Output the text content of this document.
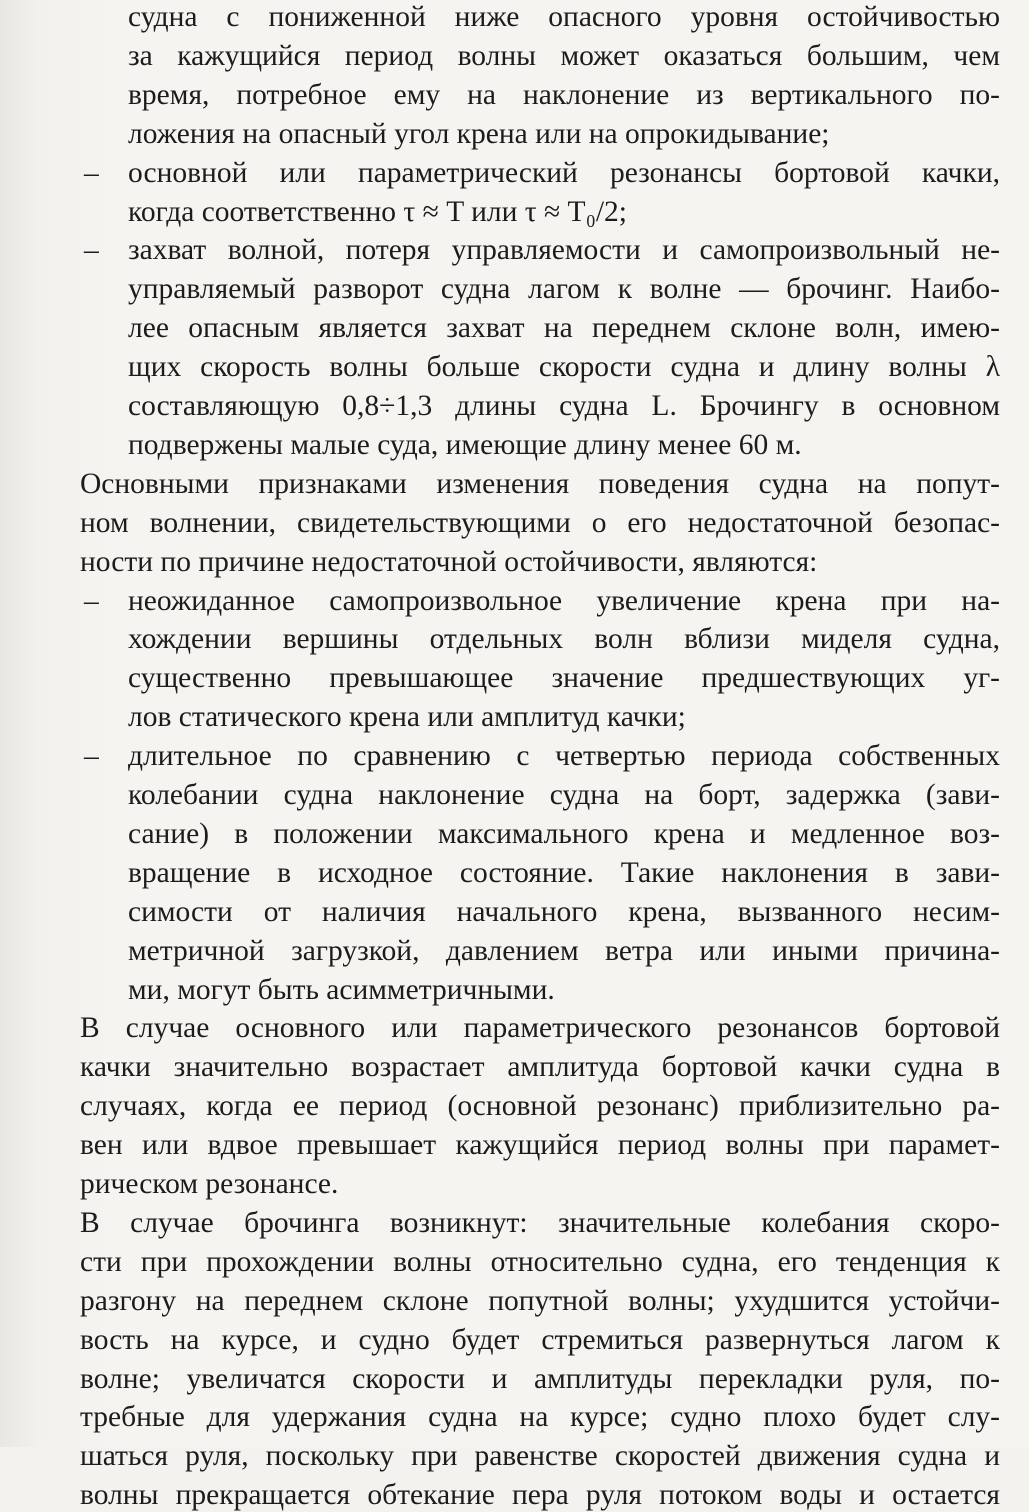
судна с пониженной ниже опасного уровня остойчивостью
за кажущийся период волны может оказаться большим, чем
время, потребное ему на наклонение из вертикального по-
ложения на опасный угол крена или на опрокидывание;
– основной или параметрический резонансы бортовой качки,
когда соответственно τ ≈ T или τ ≈ T₀/2;
– захват волной, потеря управляемости и самопроизвольный не-
управляемый разворот судна лагом к волне — брочинг. Наибо-
лее опасным является захват на переднем склоне волн, имею-
щих скорость волны больше скорости судна и длину волны λ
составляющую 0,8÷1,3 длины судна L. Брочингу в основном
подвержены малые суда, имеющие длину менее 60 м.
Основными признаками изменения поведения судна на попут-
ном волнении, свидетельствующими о его недостаточной безопас-
ности по причине недостаточной остойчивости, являются:
– неожиданное самопроизвольное увеличение крена при на-
хождении вершины отдельных волн вблизи миделя судна,
существенно превышающее значение предшествующих уг-
лов статического крена или амплитуд качки;
– длительное по сравнению с четвертью периода собственных
колебании судна наклонение судна на борт, задержка (зави-
сание) в положении максимального крена и медленное воз-
вращение в исходное состояние. Такие наклонения в зави-
симости от наличия начального крена, вызванного несим-
метричной загрузкой, давлением ветра или иными причина-
ми, могут быть асимметричными.
В случае основного или параметрического резонансов бортовой
качки значительно возрастает амплитуда бортовой качки судна в
случаях, когда ее период (основной резонанс) приблизительно ра-
вен или вдвое превышает кажущийся период волны при парамет-
рическом резонансе.
В случае брочинга возникнут: значительные колебания скоро-
сти при прохождении волны относительно судна, его тенденция к
разгону на переднем склоне попутной волны; ухудшится устойчи-
вость на курсе, и судно будет стремиться развернуться лагом к
волне; увеличатся скорости и амплитуды перекладки руля, по-
требные для удержания судна на курсе; судно плохо будет слу-
шаться руля, поскольку при равенстве скоростей движения судна и
волны прекращается обтекание пера руля потоком воды и остается
